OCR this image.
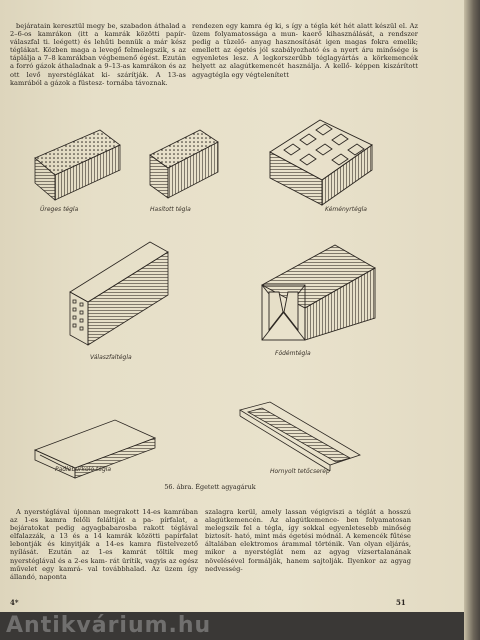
bejáratain keresztül megy be, szabadon áthalad a 2–6-os kamrákon (itt a kamrák közötti papír- válaszfal ti. leégett) és lehűti bennük a már kész téglákat. Közben maga a levegő felmelegszik, s az táplálja a 7–8 kamrákban végbemenő égést. Ezután a forró gázok áthaladnak a 9–13-as kamrákon és az ott levő nyerstéglákat ki- szárítják. A 13-as kamrából a gázok a füstesz- tornába távoznak.
rendezen egy kamra ég ki, s így a tégla két hét alatt készül el. Az üzem folyamatossága a mun- kaerő kihasználását, a rendszer pedig a tüzelő- anyag hasznosítását igen magas fokra emelik; emellett az égetés jól szabályozható és a nyert áru minősége is egyenletes lesz. A legkorszerűbb téglagyártás a körkemencék helyett az alagútkemencét használja. A kellő- képpen kiszárított agyagtégla egy végtelenített
Üreges tégla	Hasított tégla	Kéményrtégla
Válaszfaltégla
Födémtégla
Padlóburkoló tégla	Hornyolt tetőcserép
56. ábra. Égetett agyagáruk
A nyerstéglával újonnan megrakott 14-es kamrában az 1-es kamra felőli feláltiját a pa- pírfalat, a bejáratokat pedig agyagbabarosba rakott téglával elfalazzák, a 13 és a 14 kamrák közötti papírfalat lebontják és kinyitják a 14-es kamra füstelvezető nyílását. Ezután az 1-es kamrát töltik meg nyerstéglával és a 2-es kam- rát ürítik, vagyis az egész művelet egy kamrá- val továbbhalad. Az üzem így állandó, naponta
szalagra kerül, amely lassan végigviszi a téglát a hosszú alagútkemencén. Az alagútkemence- ben folyamatosan melegszik fel a tégla, így sokkal egyenletesebb minőség biztosít- ható, mint más égetési módnál. A kemencék fűtése általában elektromos árammal történik. Van olyan eljárás, mikor a nyerstéglát nem az agyag vízsertalanának növelésével formálják, hanem sajtolják. Ilyenkor az agyag nedvesség-
4*	51
Antikvárium.hu
